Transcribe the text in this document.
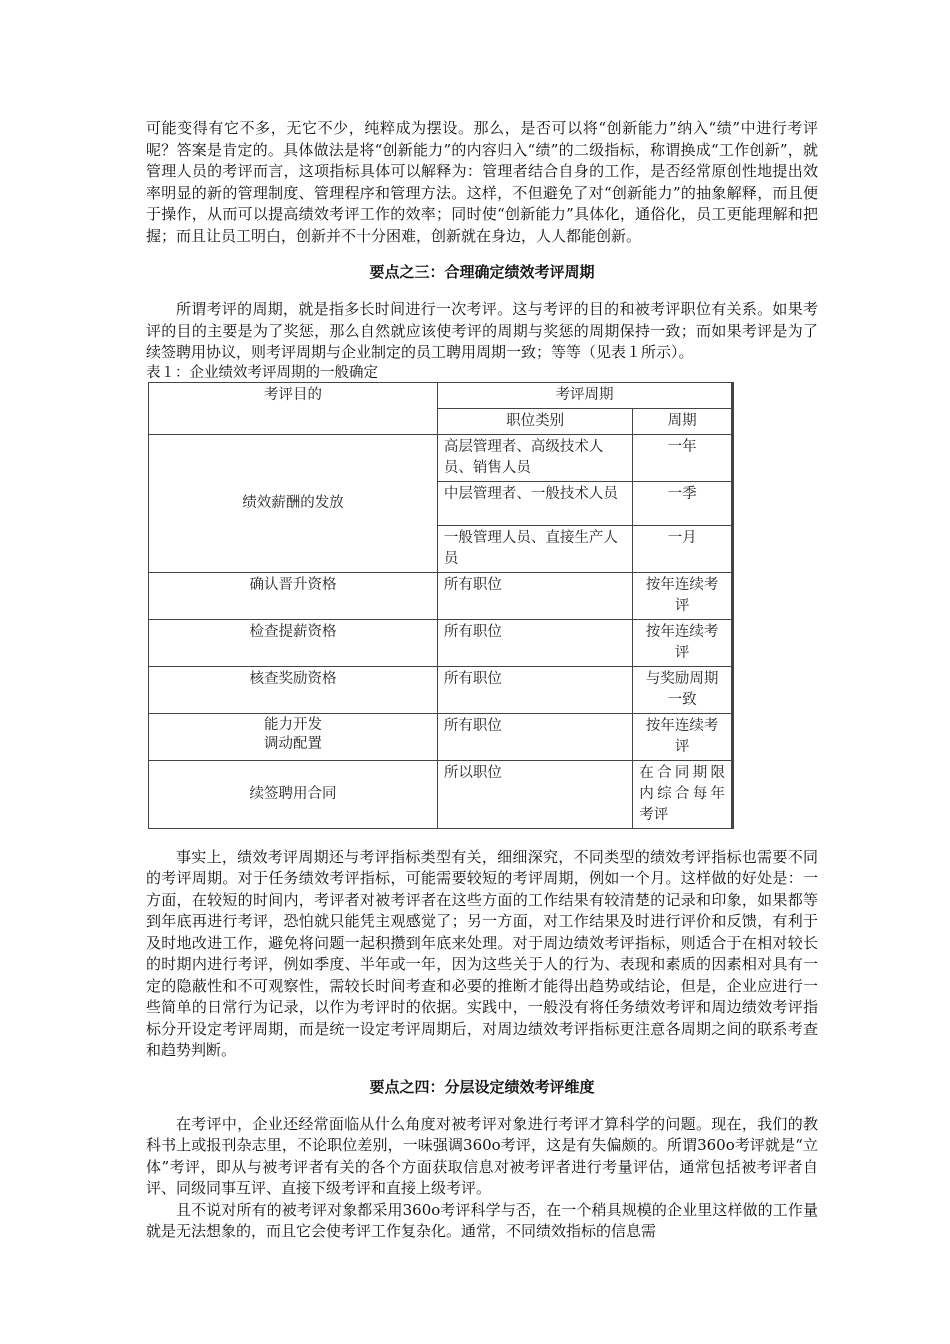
可能变得有它不多，无它不少，纯粹成为摆设。那么，是否可以将“创新能力”纳入“绩”中进行考评呢？答案是肯定的。具体做法是将“创新能力”的内容归入“绩”的二级指标，称谓换成“工作创新”，就管理人员的考评而言，这项指标具体可以解释为：管理者结合自身的工作，是否经常原创性地提出效率明显的新的管理制度、管理程序和管理方法。这样，不但避免了对“创新能力”的抽象解释，而且便于操作，从而可以提高绩效考评工作的效率；同时使“创新能力”具体化，通俗化，员工更能理解和把握；而且让员工明白，创新并不十分困难，创新就在身边，人人都能创新。

要点之三：合理确定绩效考评周期

所谓考评的周期，就是指多长时间进行一次考评。这与考评的目的和被考评职位有关系。如果考评的目的主要是为了奖惩，那么自然就应该使考评的周期与奖惩的周期保持一致；而如果考评是为了续签聘用协议，则考评周期与企业制定的员工聘用周期一致；等等（见表１所示）。

表１：企业绩效考评周期的一般确定

考评目的	考评周期	
	职位类别	周期
绩效薪酬的发放	高层管理者、高级技术人员、销售人员	一年
	中层管理者、一般技术人员	一季
	一般管理人员、直接生产人员	一月
确认晋升资格	所有职位	按年连续考评
检查提薪资格	所有职位	按年连续考评
核查奖励资格	所有职位	与奖励周期一致

能力开发
调动配置	所有职位	按年连续考评
续签聘用合同	所以职位	在合同期限内综合每年考评

事实上，绩效考评周期还与考评指标类型有关，细细深究，不同类型的绩效考评指标也需要不同的考评周期。对于任务绩效考评指标，可能需要较短的考评周期，例如一个月。这样做的好处是：一方面，在较短的时间内，考评者对被考评者在这些方面的工作结果有较清楚的记录和印象，如果都等到年底再进行考评，恐怕就只能凭主观感觉了；另一方面，对工作结果及时进行评价和反馈，有利于及时地改进工作，避免将问题一起积攒到年底来处理。对于周边绩效考评指标，则适合于在相对较长的时期内进行考评，例如季度、半年或一年，因为这些关于人的行为、表现和素质的因素相对具有一定的隐蔽性和不可观察性，需较长时间考查和必要的推断才能得出趋势或结论，但是，企业应进行一些简单的日常行为记录，以作为考评时的依据。实践中，一般没有将任务绩效考评和周边绩效考评指标分开设定考评周期，而是统一设定考评周期后，对周边绩效考评指标更注意各周期之间的联系考查和趋势判断。

要点之四：分层设定绩效考评维度

在考评中，企业还经常面临从什么角度对被考评对象进行考评才算科学的问题。现在，我们的教科书上或报刊杂志里，不论职位差别，一味强调360o考评，这是有失偏颇的。所谓360o考评就是“立体”考评，即从与被考评者有关的各个方面获取信息对被考评者进行考量评估，通常包括被考评者自评、同级同事互评、直接下级考评和直接上级考评。

且不说对所有的被考评对象都采用360o考评科学与否，在一个稍具规模的企业里这样做的工作量就是无法想象的，而且它会使考评工作复杂化。通常，不同绩效指标的信息需
